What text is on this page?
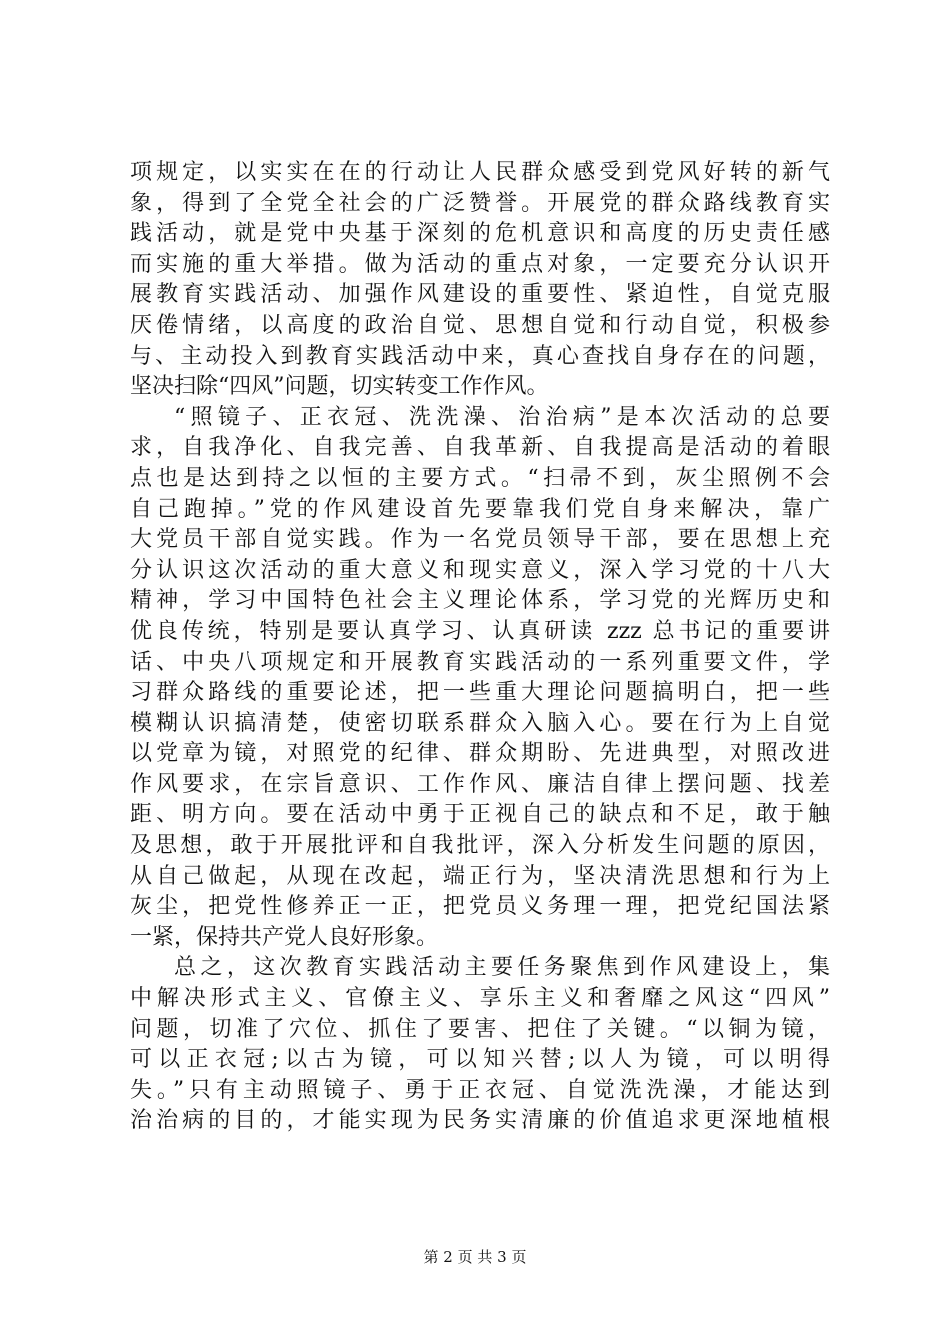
项规定，以实实在在的行动让人民群众感受到党风好转的新气
象，得到了全党全社会的广泛赞誉。开展党的群众路线教育实
践活动，就是党中央基于深刻的危机意识和高度的历史责任感
而实施的重大举措。做为活动的重点对象，一定要充分认识开
展教育实践活动、加强作风建设的重要性、紧迫性，自觉克服
厌倦情绪，以高度的政治自觉、思想自觉和行动自觉，积极参
与、主动投入到教育实践活动中来，真心查找自身存在的问题，
坚决扫除“四风”问题，切实转变工作作风。
“照镜子、正衣冠、洗洗澡、治治病”是本次活动的总要
求，自我净化、自我完善、自我革新、自我提高是活动的着眼
点也是达到持之以恒的主要方式。“扫帚不到，灰尘照例不会
自己跑掉。”党的作风建设首先要靠我们党自身来解决，靠广
大党员干部自觉实践。作为一名党员领导干部，要在思想上充
分认识这次活动的重大意义和现实意义，深入学习党的十八大
精神，学习中国特色社会主义理论体系，学习党的光辉历史和
优良传统，特别是要认真学习、认真研读 zzz 总书记的重要讲
话、中央八项规定和开展教育实践活动的一系列重要文件，学
习群众路线的重要论述，把一些重大理论问题搞明白，把一些
模糊认识搞清楚，使密切联系群众入脑入心。要在行为上自觉
以党章为镜，对照党的纪律、群众期盼、先进典型，对照改进
作风要求，在宗旨意识、工作作风、廉洁自律上摆问题、找差
距、明方向。要在活动中勇于正视自己的缺点和不足，敢于触
及思想，敢于开展批评和自我批评，深入分析发生问题的原因，
从自己做起，从现在改起，端正行为，坚决清洗思想和行为上
灰尘，把党性修养正一正，把党员义务理一理，把党纪国法紧
一紧，保持共产党人良好形象。
总之，这次教育实践活动主要任务聚焦到作风建设上，集
中解决形式主义、官僚主义、享乐主义和奢靡之风这“四风”
问题，切准了穴位、抓住了要害、把住了关键。“以铜为镜，
可以正衣冠;以古为镜，可以知兴替;以人为镜，可以明得
失。”只有主动照镜子、勇于正衣冠、自觉洗洗澡，才能达到
治治病的目的，才能实现为民务实清廉的价值追求更深地植根
第 2 页 共 3 页
